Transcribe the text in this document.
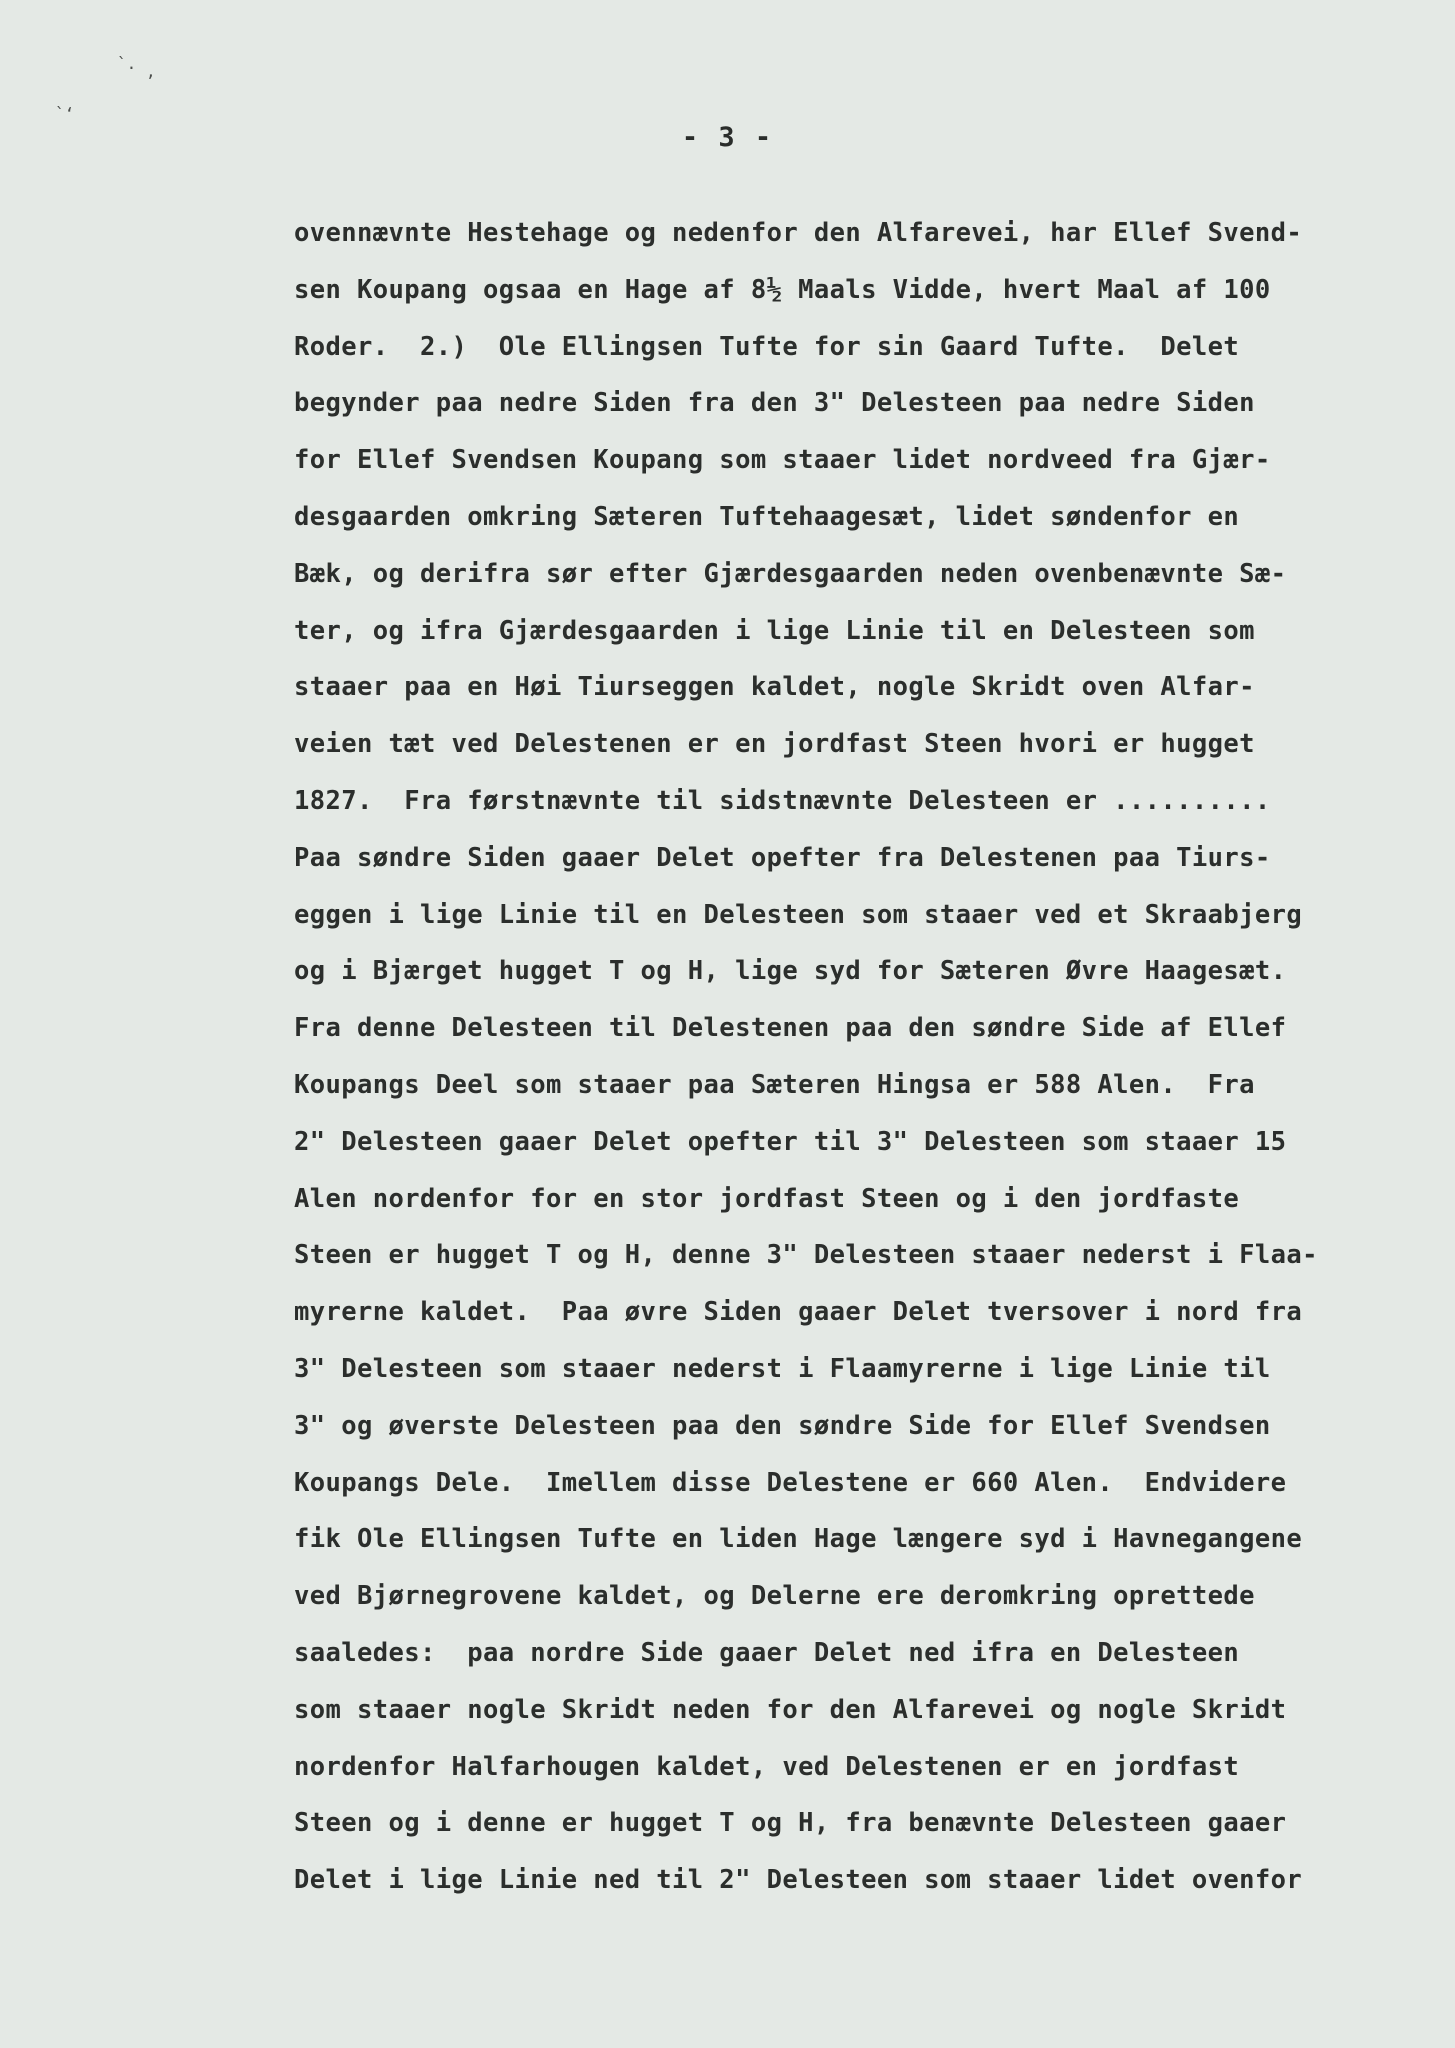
`.
`‘
,
- 3 -
ovennævnte Hestehage og nedenfor den Alfarevei, har Ellef Svend-
sen Koupang ogsaa en Hage af 8½ Maals Vidde, hvert Maal af 100
Roder.  2.)  Ole Ellingsen Tufte for sin Gaard Tufte.  Delet
begynder paa nedre Siden fra den 3" Delesteen paa nedre Siden
for Ellef Svendsen Koupang som staaer lidet nordveed fra Gjær-
desgaarden omkring Sæteren Tuftehaagesæt, lidet søndenfor en
Bæk, og derifra sør efter Gjærdesgaarden neden ovenbenævnte Sæ-
ter, og ifra Gjærdesgaarden i lige Linie til en Delesteen som
staaer paa en Høi Tiurseggen kaldet, nogle Skridt oven Alfar-
veien tæt ved Delestenen er en jordfast Steen hvori er hugget
1827.  Fra førstnævnte til sidstnævnte Delesteen er ..........
Paa søndre Siden gaaer Delet opefter fra Delestenen paa Tiurs-
eggen i lige Linie til en Delesteen som staaer ved et Skraabjerg
og i Bjærget hugget T og H, lige syd for Sæteren Øvre Haagesæt.
Fra denne Delesteen til Delestenen paa den søndre Side af Ellef
Koupangs Deel som staaer paa Sæteren Hingsa er 588 Alen.  Fra
2" Delesteen gaaer Delet opefter til 3" Delesteen som staaer 15
Alen nordenfor for en stor jordfast Steen og i den jordfaste
Steen er hugget T og H, denne 3" Delesteen staaer nederst i Flaa-
myrerne kaldet.  Paa øvre Siden gaaer Delet tversover i nord fra
3" Delesteen som staaer nederst i Flaamyrerne i lige Linie til
3" og øverste Delesteen paa den søndre Side for Ellef Svendsen
Koupangs Dele.  Imellem disse Delestene er 660 Alen.  Endvidere
fik Ole Ellingsen Tufte en liden Hage længere syd i Havnegangene
ved Bjørnegrovene kaldet, og Delerne ere deromkring oprettede
saaledes:  paa nordre Side gaaer Delet ned ifra en Delesteen
som staaer nogle Skridt neden for den Alfarevei og nogle Skridt
nordenfor Halfarhougen kaldet, ved Delestenen er en jordfast
Steen og i denne er hugget T og H, fra benævnte Delesteen gaaer
Delet i lige Linie ned til 2" Delesteen som staaer lidet ovenfor
